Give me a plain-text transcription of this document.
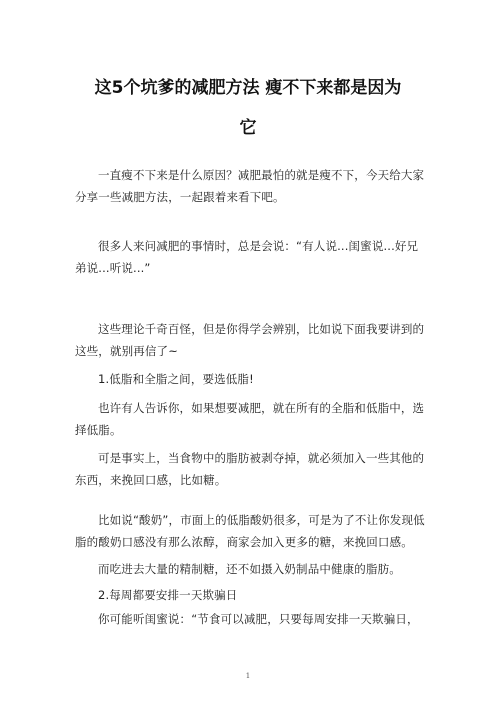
这5个坑爹的减肥方法 瘦不下来都是因为
它

一直瘦不下来是什么原因？减肥最怕的就是瘦不下，今天给大家分享一些减肥方法，一起跟着来看下吧。

很多人来问减肥的事情时，总是会说：“有人说...闺蜜说...好兄弟说...听说...”

这些理论千奇百怪，但是你得学会辨别，比如说下面我要讲到的这些，就别再信了~

1.低脂和全脂之间，要选低脂!

也许有人告诉你，如果想要减肥，就在所有的全脂和低脂中，选择低脂。

可是事实上，当食物中的脂肪被剥夺掉，就必须加入一些其他的东西，来挽回口感，比如糖。

比如说“酸奶”，市面上的低脂酸奶很多，可是为了不让你发现低脂的酸奶口感没有那么浓醇，商家会加入更多的糖，来挽回口感。

而吃进去大量的精制糖，还不如摄入奶制品中健康的脂肪。

2.每周都要安排一天欺骗日

你可能听闺蜜说：“节食可以减肥，只要每周安排一天欺骗日，

1
